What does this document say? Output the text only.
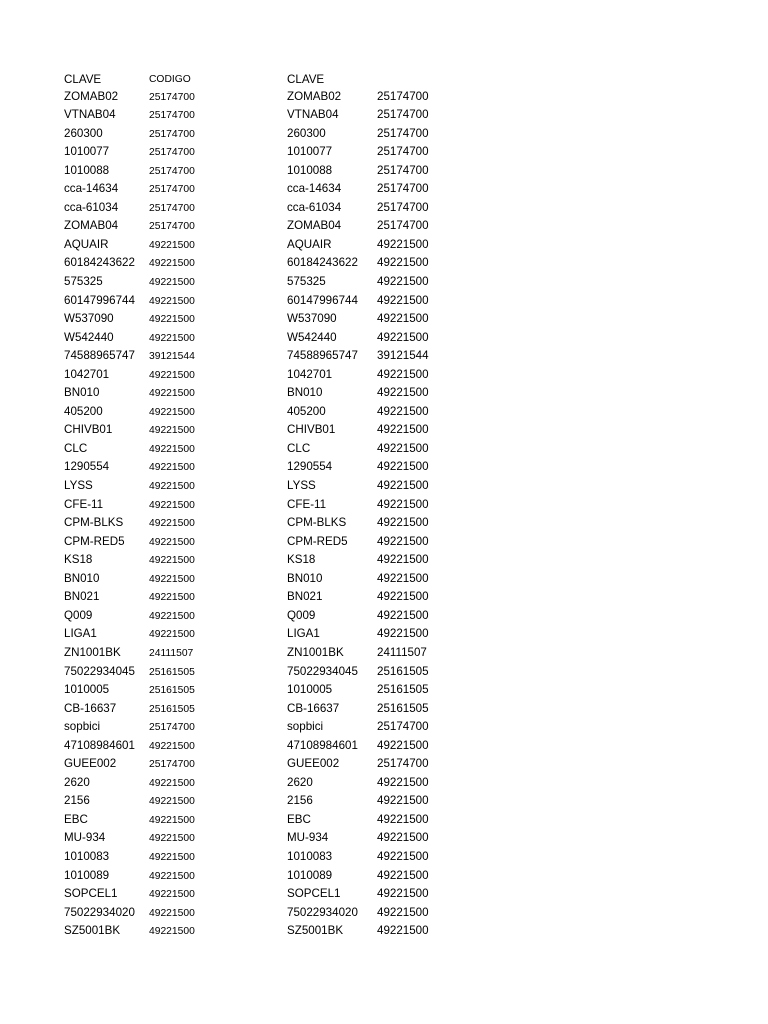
CLAVE	CODIGO
ZOMAB02	25174700
VTNAB04	25174700
260300	25174700
1010077	25174700
1010088	25174700
cca-14634	25174700
cca-61034	25174700
ZOMAB04	25174700
AQUAIR	49221500
60184243622	49221500
575325	49221500
60147996744	49221500
W537090	49221500
W542440	49221500
74588965747	39121544
1042701	49221500
BN010	49221500
405200	49221500
CHIVB01	49221500
CLC	49221500
1290554	49221500
LYSS	49221500
CFE-11	49221500
CPM-BLKS	49221500
CPM-RED5	49221500
KS18	49221500
BN010	49221500
BN021	49221500
Q009	49221500
LIGA1	49221500
ZN1001BK	24111507
75022934045	25161505
1010005	25161505
CB-16637	25161505
sopbici	25174700
47108984601	49221500
GUEE002	25174700
2620	49221500
2156	49221500
EBC	49221500
MU-934	49221500
1010083	49221500
1010089	49221500
SOPCEL1	49221500
75022934020	49221500
SZ5001BK	49221500
CLAVE
ZOMAB02	25174700
VTNAB04	25174700
260300	25174700
1010077	25174700
1010088	25174700
cca-14634	25174700
cca-61034	25174700
ZOMAB04	25174700
AQUAIR	49221500
60184243622	49221500
575325	49221500
60147996744	49221500
W537090	49221500
W542440	49221500
74588965747	39121544
1042701	49221500
BN010	49221500
405200	49221500
CHIVB01	49221500
CLC	49221500
1290554	49221500
LYSS	49221500
CFE-11	49221500
CPM-BLKS	49221500
CPM-RED5	49221500
KS18	49221500
BN010	49221500
BN021	49221500
Q009	49221500
LIGA1	49221500
ZN1001BK	24111507
75022934045	25161505
1010005	25161505
CB-16637	25161505
sopbici	25174700
47108984601	49221500
GUEE002	25174700
2620	49221500
2156	49221500
EBC	49221500
MU-934	49221500
1010083	49221500
1010089	49221500
SOPCEL1	49221500
75022934020	49221500
SZ5001BK	49221500
